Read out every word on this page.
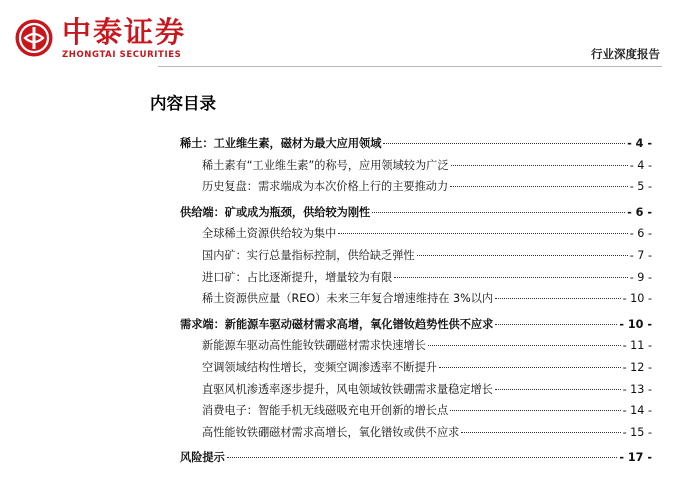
中泰证券
ZHONGTAI SECURITIES	行业深度报告
内容目录
稀土：工业维生素，磁材为最大应用领域	- 4 -
稀土素有“工业维生素”的称号，应用领域较为广泛	- 4 -
历史复盘：需求端成为本次价格上行的主要推动力	- 5 -
供给端：矿或成为瓶颈，供给较为刚性	- 6 -
全球稀土资源供给较为集中	- 6 -
国内矿：实行总量指标控制，供给缺乏弹性	- 7 -
进口矿：占比逐渐提升，增量较为有限	- 9 -
稀土资源供应量（REO）未来三年复合增速维持在 3%以内	- 10 -
需求端：新能源车驱动磁材需求高增，氧化镨钕趋势性供不应求	- 10 -
新能源车驱动高性能钕铁硼磁材需求快速增长	- 11 -
空调领域结构性增长，变频空调渗透率不断提升	- 12 -
直驱风机渗透率逐步提升，风电领域钕铁硼需求量稳定增长	- 13 -
消费电子：智能手机无线磁吸充电开创新的增长点	- 14 -
高性能钕铁硼磁材需求高增长，氧化镨钕或供不应求	- 15 -
风险提示	- 17 -
